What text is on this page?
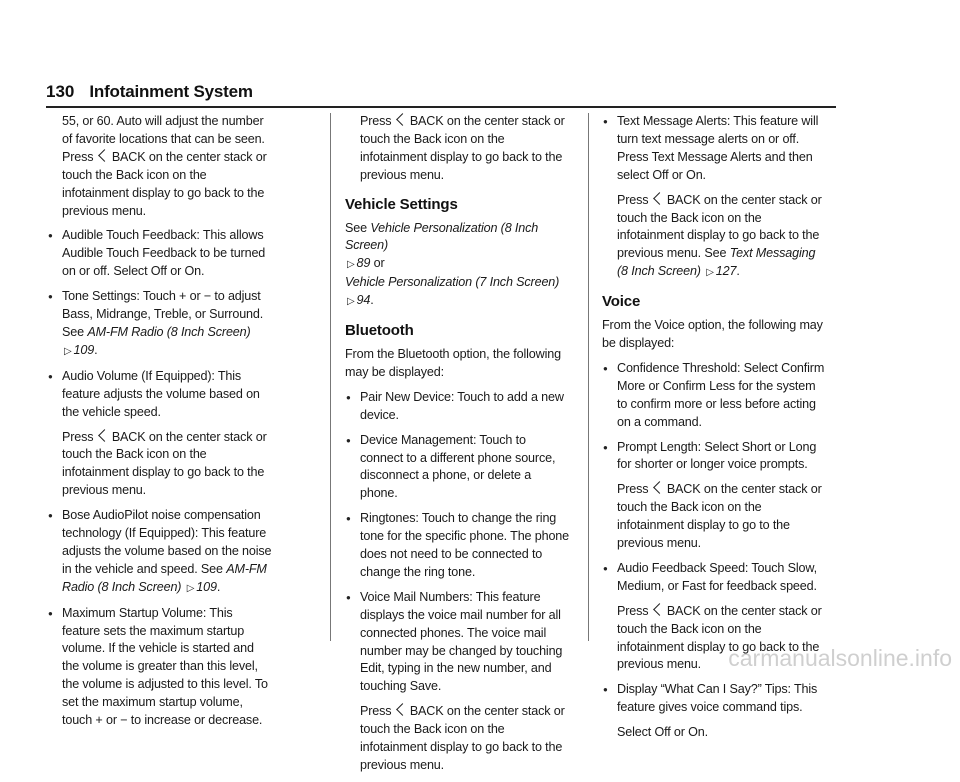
130 Infotainment System

55, or 60. Auto will adjust the number of favorite locations that can be seen. Press BACK on the center stack or touch the Back icon on the infotainment display to go back to the previous menu.

● Audible Touch Feedback: This allows Audible Touch Feedback to be turned on or off. Select Off or On.

● Tone Settings: Touch + or − to adjust Bass, Midrange, Treble, or Surround. See AM-FM Radio (8 Inch Screen) ▷ 109.

● Audio Volume (If Equipped): This feature adjusts the volume based on the vehicle speed.

Press BACK on the center stack or touch the Back icon on the infotainment display to go back to the previous menu.

● Bose AudioPilot noise compensation technology (If Equipped): This feature adjusts the volume based on the noise in the vehicle and speed. See AM-FM Radio (8 Inch Screen) ▷ 109.

● Maximum Startup Volume: This feature sets the maximum startup volume. If the vehicle is started and the volume is greater than this level, the volume is adjusted to this level. To set the maximum startup volume, touch + or − to increase or decrease.

Press BACK on the center stack or touch the Back icon on the infotainment display to go back to the previous menu.

Vehicle Settings

See Vehicle Personalization (8 Inch Screen)
▷ 89 or
Vehicle Personalization (7 Inch Screen) ▷ 94.

Bluetooth

From the Bluetooth option, the following may be displayed:

● Pair New Device: Touch to add a new device.

● Device Management: Touch to connect to a different phone source, disconnect a phone, or delete a phone.

● Ringtones: Touch to change the ring tone for the specific phone. The phone does not need to be connected to change the ring tone.

● Voice Mail Numbers: This feature displays the voice mail number for all connected phones. The voice mail number may be changed by touching Edit, typing in the new number, and touching Save.

Press BACK on the center stack or touch the Back icon on the infotainment display to go back to the previous menu.

● Text Message Alerts: This feature will turn text message alerts on or off. Press Text Message Alerts and then select Off or On.

Press BACK on the center stack or touch the Back icon on the infotainment display to go back to the previous menu. See Text Messaging (8 Inch Screen) ▷ 127.

Voice

From the Voice option, the following may be displayed:

● Confidence Threshold: Select Confirm More or Confirm Less for the system to confirm more or less before acting on a command.

● Prompt Length: Select Short or Long for shorter or longer voice prompts.

Press BACK on the center stack or touch the Back icon on the infotainment display to go to the previous menu.

● Audio Feedback Speed: Touch Slow, Medium, or Fast for feedback speed.

Press BACK on the center stack or touch the Back icon on the infotainment display to go back to the previous menu.

● Display “What Can I Say?” Tips: This feature gives voice command tips.

Select Off or On.

carmanualsonline.info
